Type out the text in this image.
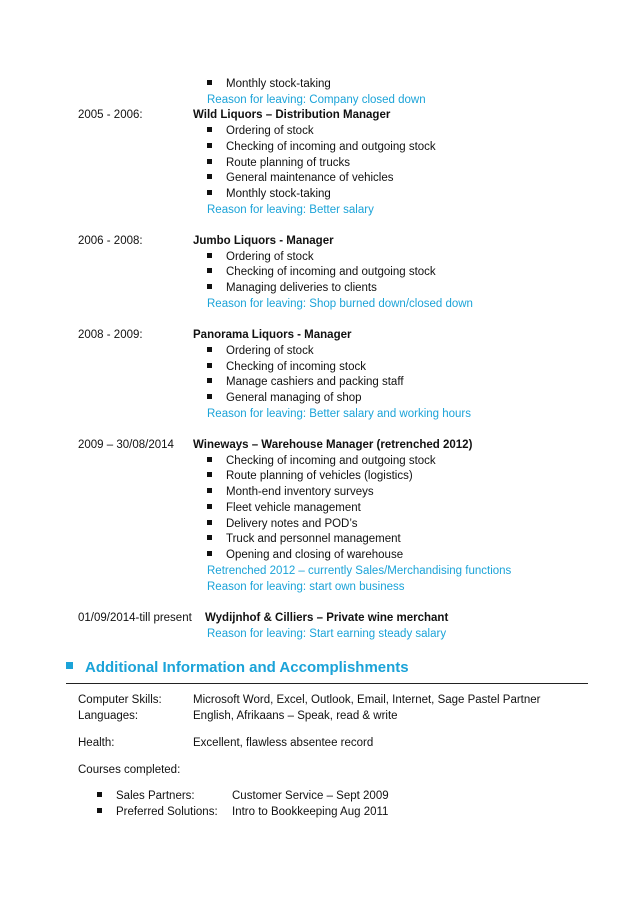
Monthly stock-taking
Reason for leaving: Company closed down
2005 - 2006:	Wild Liquors – Distribution Manager
Ordering of stock
Checking of incoming and outgoing stock
Route planning of trucks
General maintenance of vehicles
Monthly stock-taking
Reason for leaving: Better salary
2006 - 2008:	Jumbo Liquors - Manager
Ordering of stock
Checking of incoming and outgoing stock
Managing deliveries to clients
Reason for leaving: Shop burned down/closed down
2008 - 2009:	Panorama Liquors - Manager
Ordering of stock
Checking of incoming stock
Manage cashiers and packing staff
General managing of shop
Reason for leaving: Better salary and working hours
2009 – 30/08/2014 Wineways – Warehouse Manager (retrenched 2012)
Checking of incoming and outgoing stock
Route planning of vehicles (logistics)
Month-end inventory surveys
Fleet vehicle management
Delivery notes and POD’s
Truck and personnel management
Opening and closing of warehouse
Retrenched 2012 – currently Sales/Merchandising functions
Reason for leaving: start own business
01/09/2014-till present Wydijnhof & Cilliers – Private wine merchant
Reason for leaving: Start earning steady salary
Additional Information and Accomplishments
Computer Skills:	Microsoft Word, Excel, Outlook, Email, Internet, Sage Pastel Partner
Languages:	English, Afrikaans – Speak, read & write
Health:	Excellent, flawless absentee record
Courses completed:
Sales Partners:	Customer Service – Sept 2009
Preferred Solutions: Intro to Bookkeeping Aug 2011
